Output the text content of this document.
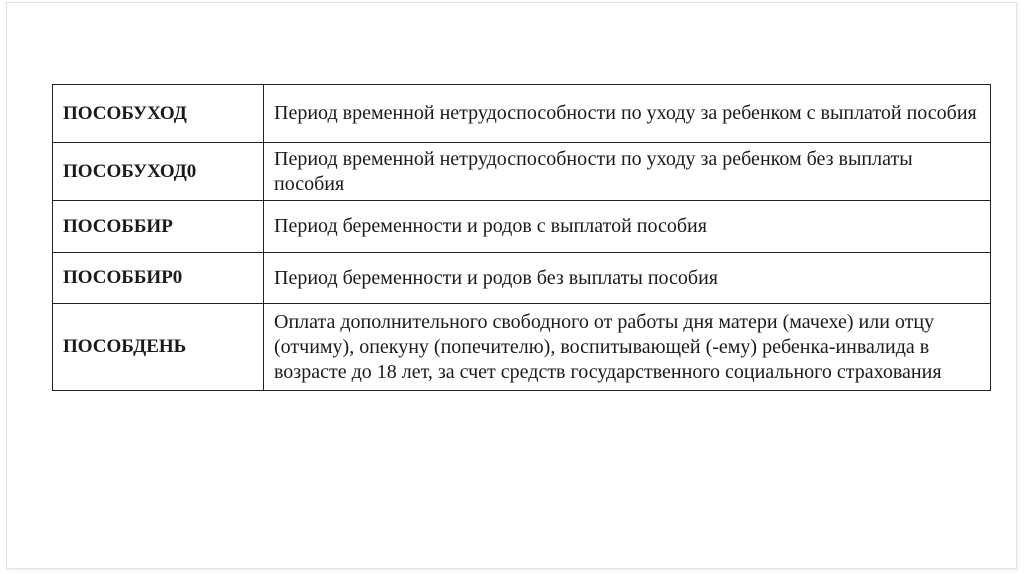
ПОСОБУХОД	Период временной нетрудоспособности по уходу за ребенком с выплатой пособия
ПОСОБУХОД0	Период временной нетрудоспособности по уходу за ребенком без выплаты пособия
ПОСОББИР	Период беременности и родов с выплатой пособия
ПОСОББИР0	Период беременности и родов без выплаты пособия
ПОСОБДЕНЬ	Оплата дополнительного свободного от работы дня матери (мачехе) или отцу (отчиму), опекуну (попечителю), воспитывающей (-ему) ребенка-инвалида в возрасте до 18 лет, за счет средств государственного социального страхования
